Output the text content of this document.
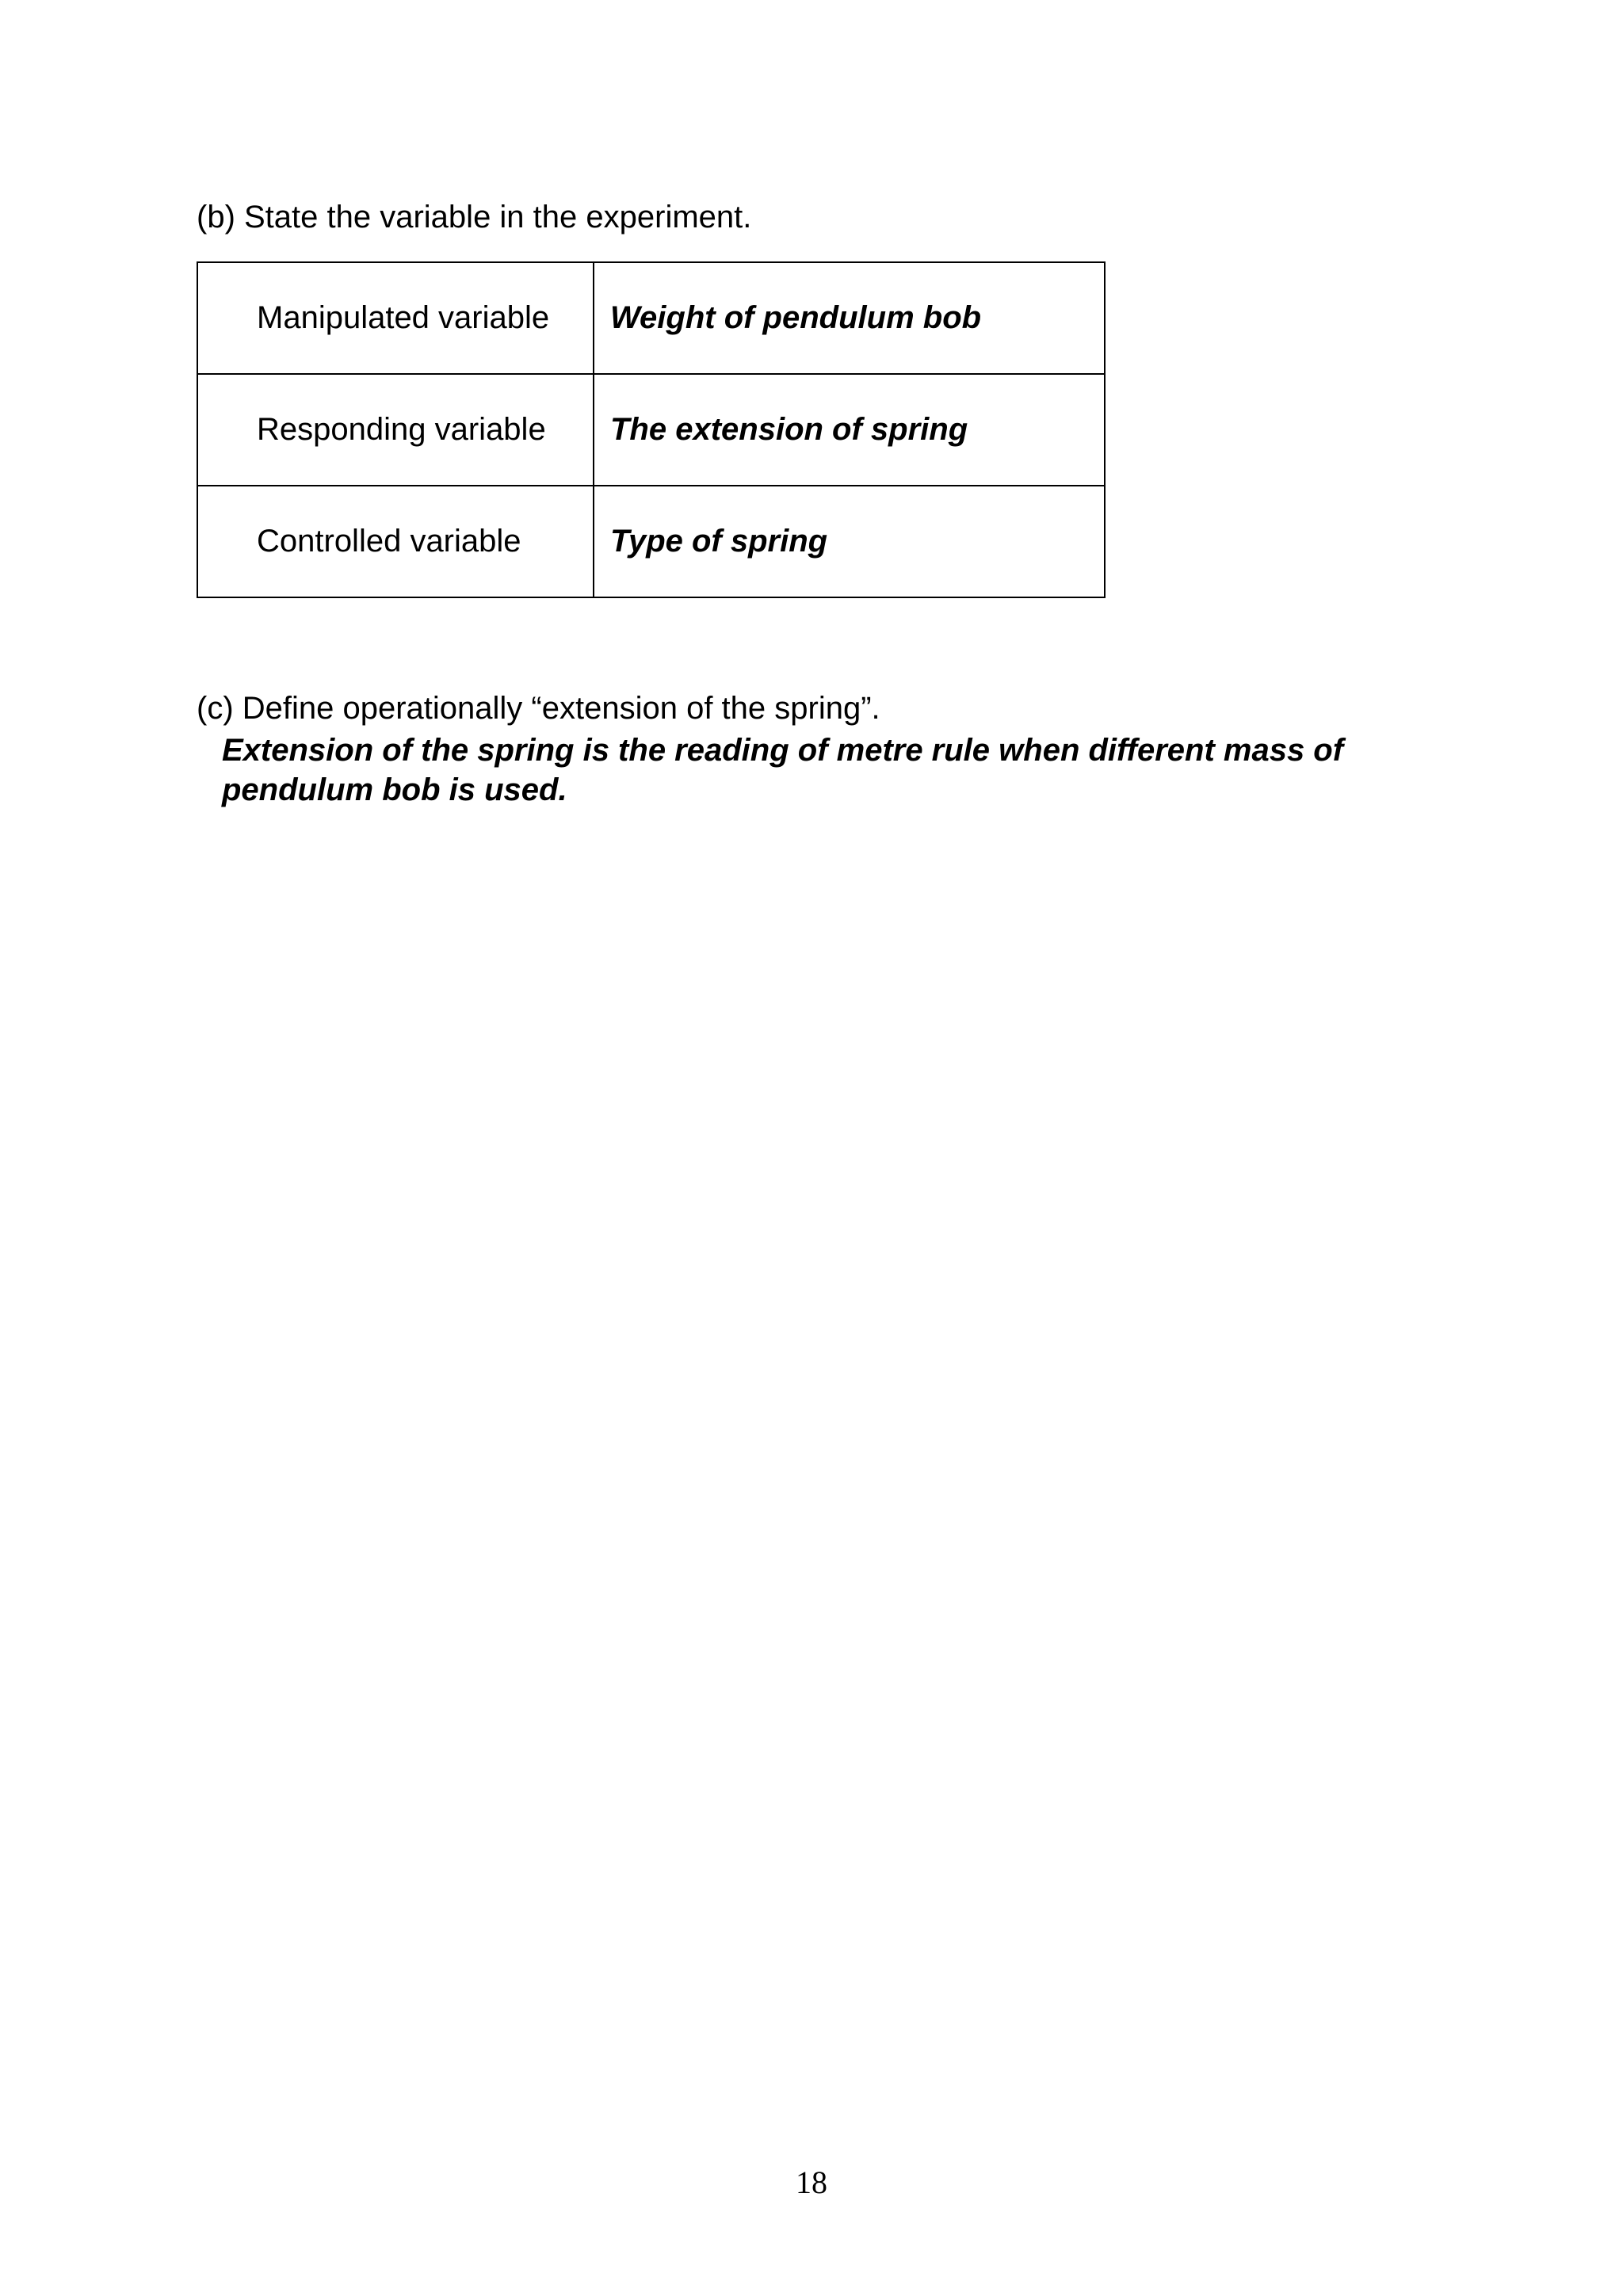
(b) State the variable in the experiment.
Manipulated variable	Weight of pendulum bob
Responding variable	The extension of spring
Controlled variable	Type of spring
(c) Define operationally “extension of the spring”.
Extension of the spring is the reading of metre rule when different mass of pendulum bob is used.
18
